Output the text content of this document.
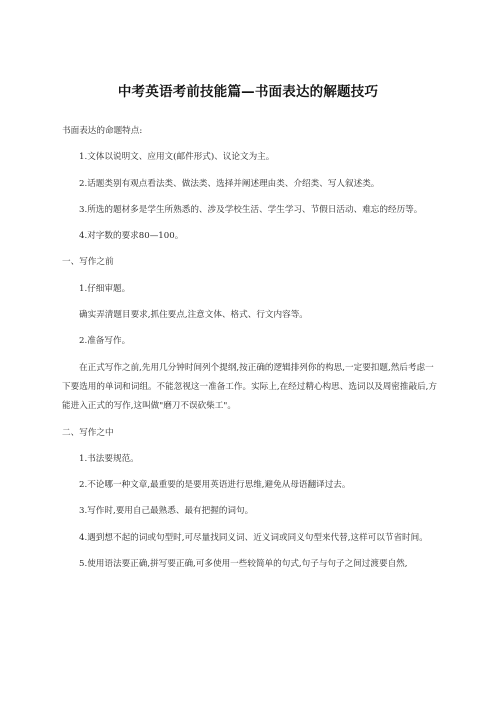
中考英语考前技能篇—书面表达的解题技巧

书面表达的命题特点:

1.文体以说明文、应用文(邮件形式)、议论文为主。

2.话题类别有观点看法类、做法类、选择并阐述理由类、介绍类、写人叙述类。

3.所选的题材多是学生所熟悉的、涉及学校生活、学生学习、节假日活动、难忘的经历等。

4.对字数的要求80—100。

一、写作之前

1.仔细审题。

确实弄清题目要求,抓住要点,注意文体、格式、行文内容等。

2.准备写作。

在正式写作之前,先用几分钟时间列个提纲,按正确的逻辑排列你的构思,一定要扣题,然后考虑一下要选用的单词和词组。不能忽视这一准备工作。实际上,在经过精心构思、选词以及周密推敲后,方能进入正式的写作,这叫做"磨刀不误砍柴工"。

二、写作之中

1.书法要规范。

2.不论哪一种文章,最重要的是要用英语进行思维,避免从母语翻译过去。

3.写作时,要用自己最熟悉、最有把握的词句。

4.遇到想不起的词或句型时,可尽量找同义词、近义词或同义句型来代替,这样可以节省时间。

5.使用语法要正确,拼写要正确,可多使用一些较简单的句式,句子与句子之间过渡要自然,
